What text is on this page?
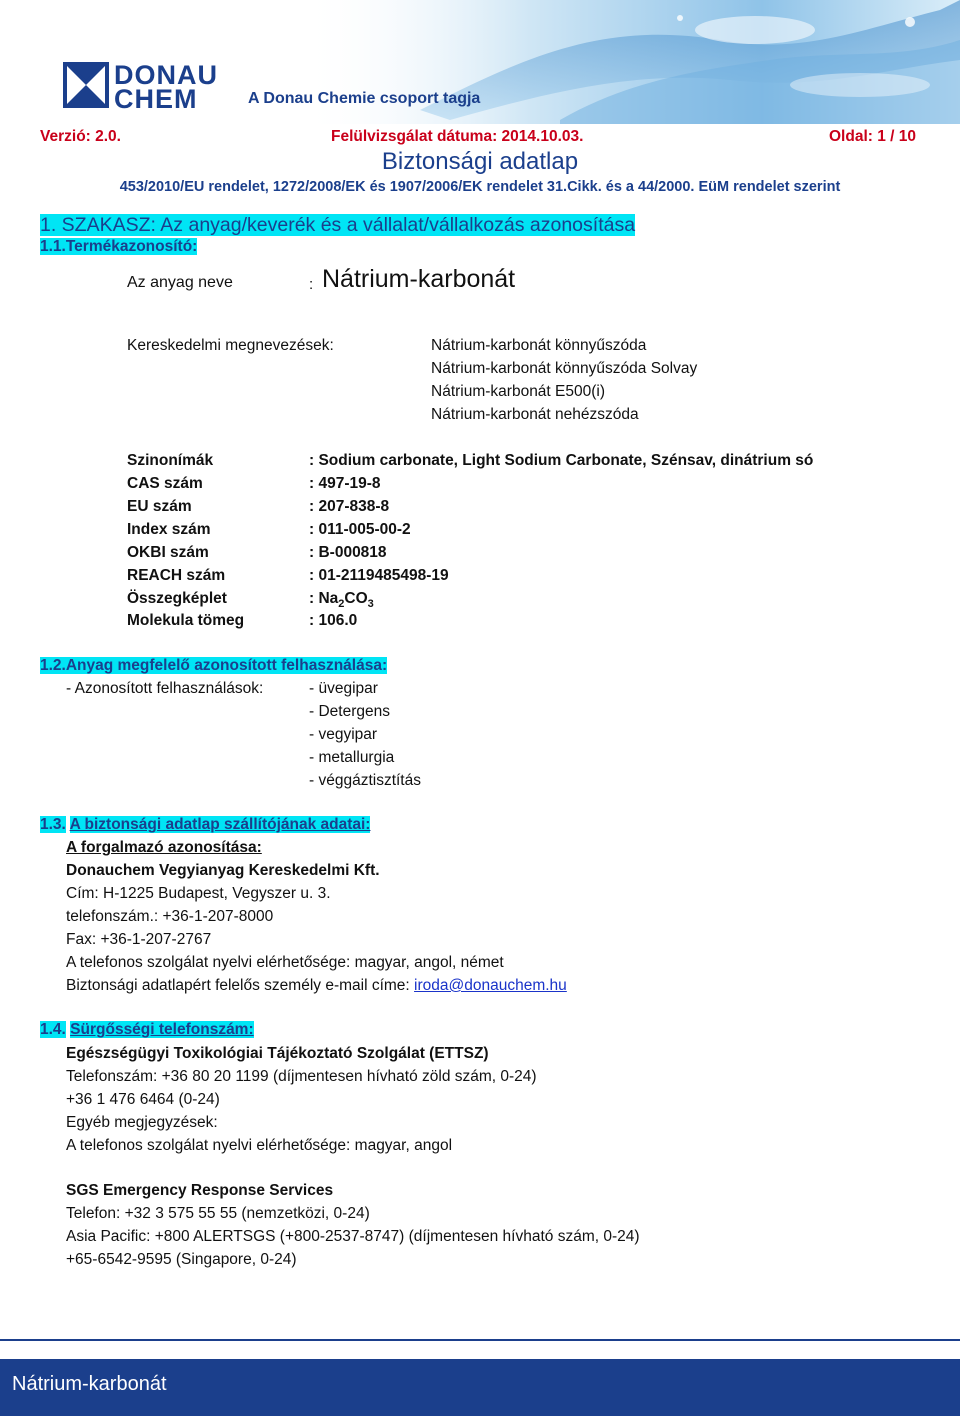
DONAU
CHEM	A Donau Chemie csoport tagja
Verzió: 2.0.	Felülvizsgálat dátuma: 2014.10.03.	Oldal: 1 / 10
Biztonsági adatlap
453/2010/EU rendelet, 1272/2008/EK és 1907/2006/EK rendelet 31.Cikk. és a 44/2000. EüM rendelet szerint
1. SZAKASZ: Az anyag/keverék és a vállalat/vállalkozás azonosítása
1.1.Termékazonosító:
Az anyag neve	: Nátrium-karbonát
Kereskedelmi megnevezések:	Nátrium-karbonát könnyűszóda
Nátrium-karbonát könnyűszóda Solvay
Nátrium-karbonát E500(i)
Nátrium-karbonát nehézszóda
Szinonímák	: Sodium carbonate, Light Sodium Carbonate, Szénsav, dinátrium só
CAS szám	: 497-19-8
EU szám	: 207-838-8
Index szám	: 011-005-00-2
OKBI szám	: B-000818
REACH szám	: 01-2119485498-19
Összegképlet	: $Na_2CO_3$
Molekula tömeg	: 106.0
1.2.Anyag megfelelő azonosított felhasználása:
- Azonosított felhasználások:	- üvegipar
- Detergens
- vegyipar
- metallurgia
- véggáztisztítás
1.3. A biztonsági adatlap szállítójának adatai:
A forgalmazó azonosítása:
Donauchem Vegyianyag Kereskedelmi Kft.
Cím: H-1225 Budapest, Vegyszer u. 3.
telefonszám.: +36-1-207-8000
Fax: +36-1-207-2767
A telefonos szolgálat nyelvi elérhetősége: magyar, angol, német
Biztonsági adatlapért felelős személy e-mail címe: iroda@donauchem.hu
1.4. Sürgősségi telefonszám:
Egészségügyi Toxikológiai Tájékoztató Szolgálat (ETTSZ)
Telefonszám: +36 80 20 1199 (díjmentesen hívható zöld szám, 0-24)
+36 1 476 6464 (0-24)
Egyéb megjegyzések:
A telefonos szolgálat nyelvi elérhetősége: magyar, angol
SGS Emergency Response Services
Telefon: +32 3 575 55 55 (nemzetközi, 0-24)
Asia Pacific: +800 ALERTSGS (+800-2537-8747) (díjmentesen hívható szám, 0-24)
+65-6542-9595 (Singapore, 0-24)
Nátrium-karbonát
